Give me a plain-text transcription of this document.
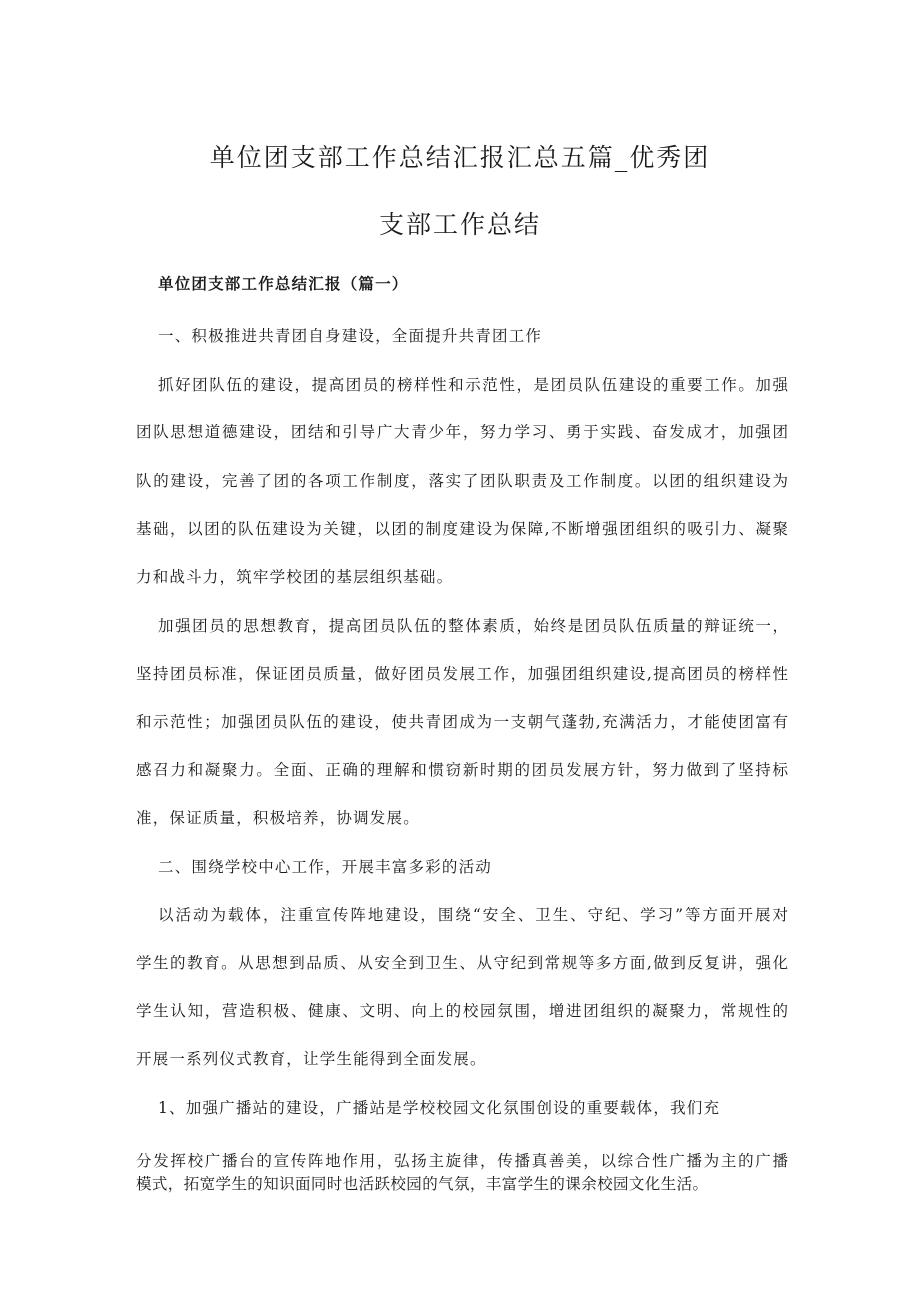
单位团支部工作总结汇报汇总五篇_优秀团
支部工作总结
单位团支部工作总结汇报（篇一）
一、积极推进共青团自身建设，全面提升共青团工作
抓好团队伍的建设，提高团员的榜样性和示范性，是团员队伍建设的重要工作。加强
团队思想道德建设，团结和引导广大青少年，努力学习、勇于实践、奋发成才，加强团
队的建设，完善了团的各项工作制度，落实了团队职责及工作制度。以团的组织建设为
基础，以团的队伍建设为关键，以团的制度建设为保障,不断增强团组织的吸引力、凝聚
力和战斗力，筑牢学校团的基层组织基础。
加强团员的思想教育，提高团员队伍的整体素质，始终是团员队伍质量的辩证统一，
坚持团员标准，保证团员质量，做好团员发展工作，加强团组织建设,提高团员的榜样性
和示范性；加强团员队伍的建设，使共青团成为一支朝气蓬勃,充满活力，才能使团富有
感召力和凝聚力。全面、正确的理解和惯窃新时期的团员发展方针，努力做到了坚持标
准，保证质量，积极培养，协调发展。
二、围绕学校中心工作，开展丰富多彩的活动
以活动为载体，注重宣传阵地建设，围绕“安全、卫生、守纪、学习”等方面开展对
学生的教育。从思想到品质、从安全到卫生、从守纪到常规等多方面,做到反复讲，强化
学生认知，营造积极、健康、文明、向上的校园氛围，增进团组织的凝聚力，常规性的
开展一系列仪式教育，让学生能得到全面发展。
1、加强广播站的建设，广播站是学校校园文化氛围创设的重要载体，我们充
分发挥校广播台的宣传阵地作用，弘扬主旋律，传播真善美，以综合性广播为主的广播
模式，拓宽学生的知识面同时也活跃校园的气氛，丰富学生的课余校园文化生活。
